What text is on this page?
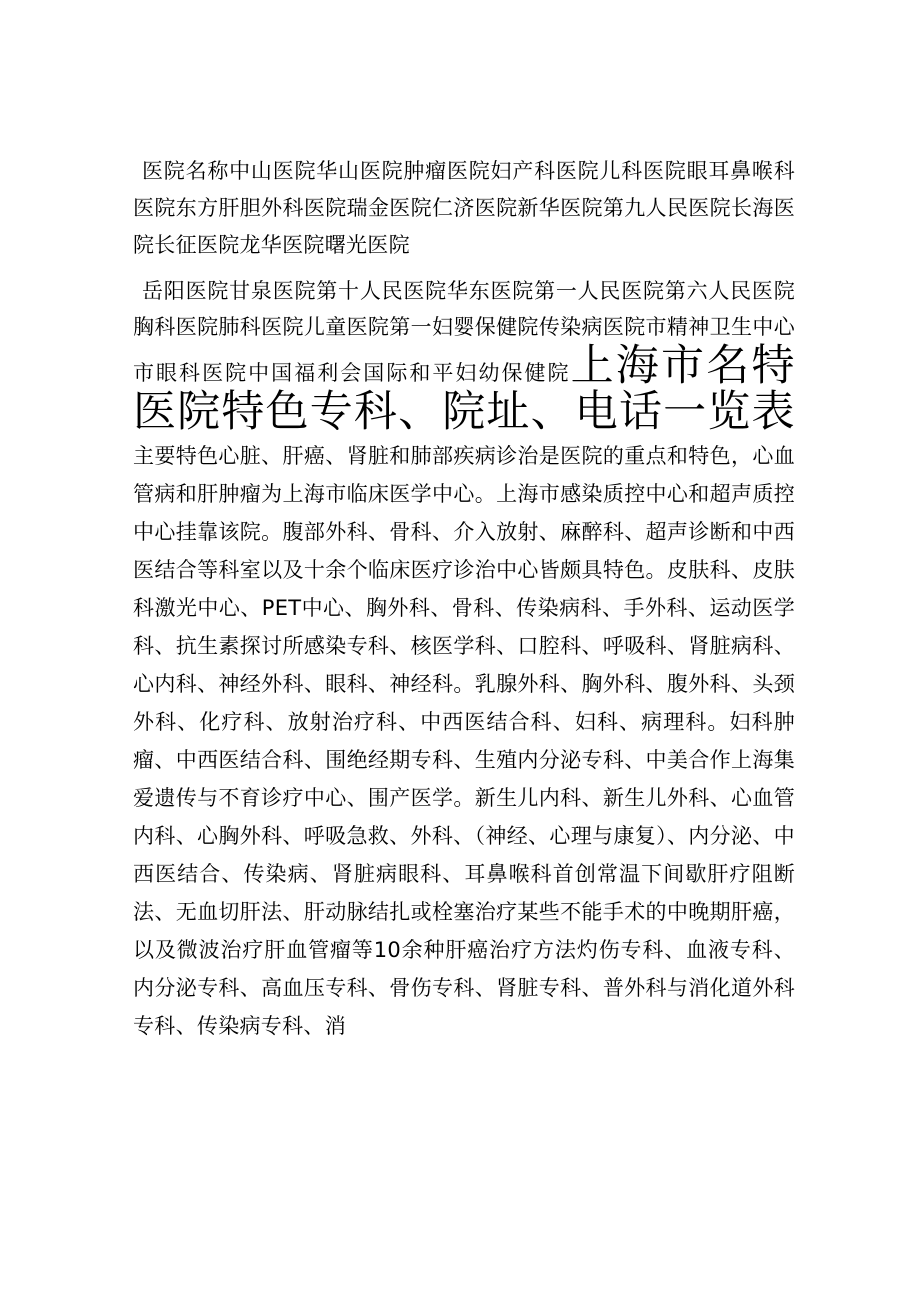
医院名称中山医院华山医院肿瘤医院妇产科医院儿科医院眼耳鼻喉科医院东方肝胆外科医院瑞金医院仁济医院新华医院第九人民医院长海医院长征医院龙华医院曙光医院

岳阳医院甘泉医院第十人民医院华东医院第一人民医院第六人民医院胸科医院肺科医院儿童医院第一妇婴保健院传染病医院市精神卫生中心市眼科医院中国福利会国际和平妇幼保健院上海市名特医院特色专科、院址、电话一览表主要特色心脏、肝癌、肾脏和肺部疾病诊治是医院的重点和特色，心血管病和肝肿瘤为上海市临床医学中心。上海市感染质控中心和超声质控中心挂靠该院。腹部外科、骨科、介入放射、麻醉科、超声诊断和中西医结合等科室以及十余个临床医疗诊治中心皆颇具特色。皮肤科、皮肤科激光中心、PET中心、胸外科、骨科、传染病科、手外科、运动医学科、抗生素探讨所感染专科、核医学科、口腔科、呼吸科、肾脏病科、心内科、神经外科、眼科、神经科。乳腺外科、胸外科、腹外科、头颈外科、化疗科、放射治疗科、中西医结合科、妇科、病理科。妇科肿瘤、中西医结合科、围绝经期专科、生殖内分泌专科、中美合作上海集爱遗传与不育诊疗中心、围产医学。新生儿内科、新生儿外科、心血管内科、心胸外科、呼吸急救、外科、（神经、心理与康复）、内分泌、中西医结合、传染病、肾脏病眼科、耳鼻喉科首创常温下间歇肝疗阻断法、无血切肝法、肝动脉结扎或栓塞治疗某些不能手术的中晚期肝癌，以及微波治疗肝血管瘤等10余种肝癌治疗方法灼伤专科、血液专科、内分泌专科、高血压专科、骨伤专科、肾脏专科、普外科与消化道外科专科、传染病专科、消
